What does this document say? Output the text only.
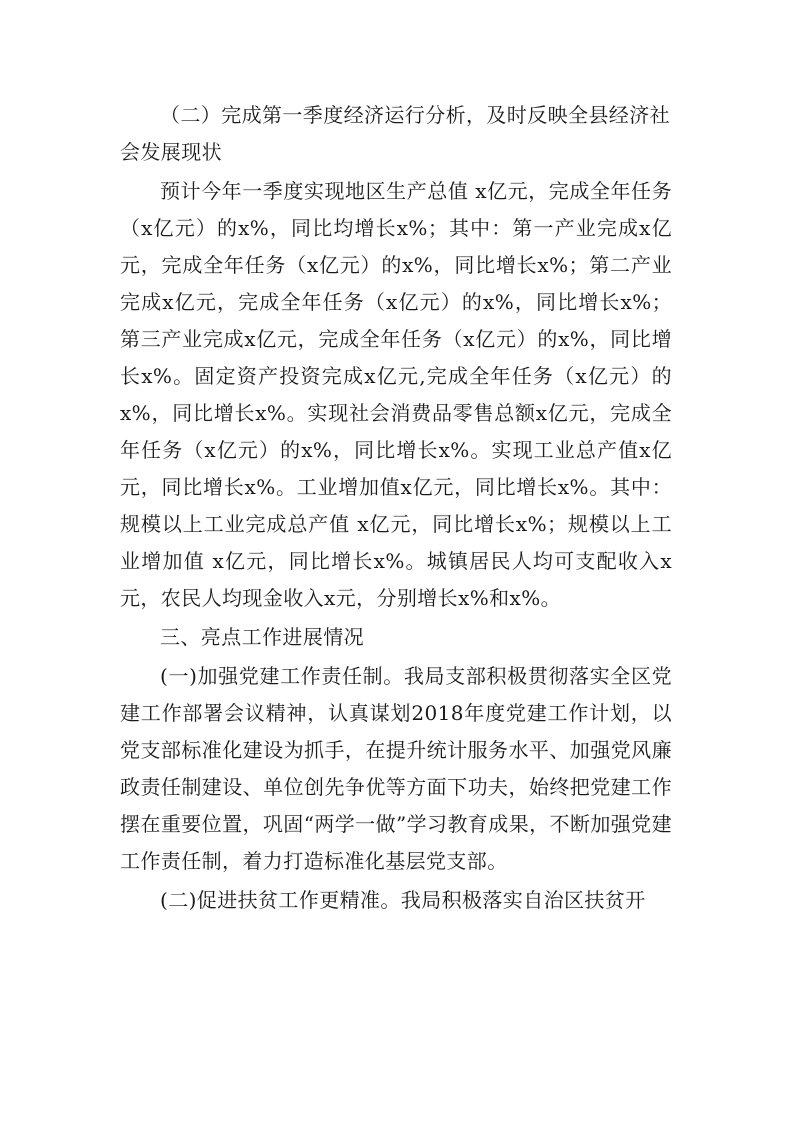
（二）完成第一季度经济运行分析，及时反映全县经济社会发展现状

预计今年一季度实现地区生产总值 x亿元，完成全年任务（x亿元）的x%，同比均增长x%；其中：第一产业完成x亿元，完成全年任务（x亿元）的x%，同比增长x%；第二产业完成x亿元，完成全年任务（x亿元）的x%，同比增长x%；第三产业完成x亿元，完成全年任务（x亿元）的x%，同比增长x%。固定资产投资完成x亿元,完成全年任务（x亿元）的x%，同比增长x%。实现社会消费品零售总额x亿元，完成全年任务（x亿元）的x%，同比增长x%。实现工业总产值x亿元，同比增长x%。工业增加值x亿元，同比增长x%。其中：规模以上工业完成总产值 x亿元，同比增长x%；规模以上工业增加值 x亿元，同比增长x%。城镇居民人均可支配收入x元，农民人均现金收入x元，分别增长x%和x%。

三、亮点工作进展情况

(一)加强党建工作责任制。我局支部积极贯彻落实全区党建工作部署会议精神，认真谋划2018年度党建工作计划，以党支部标准化建设为抓手，在提升统计服务水平、加强党风廉政责任制建设、单位创先争优等方面下功夫，始终把党建工作摆在重要位置，巩固“两学一做”学习教育成果，不断加强党建工作责任制，着力打造标准化基层党支部。

(二)促进扶贫工作更精准。我局积极落实自治区扶贫开
